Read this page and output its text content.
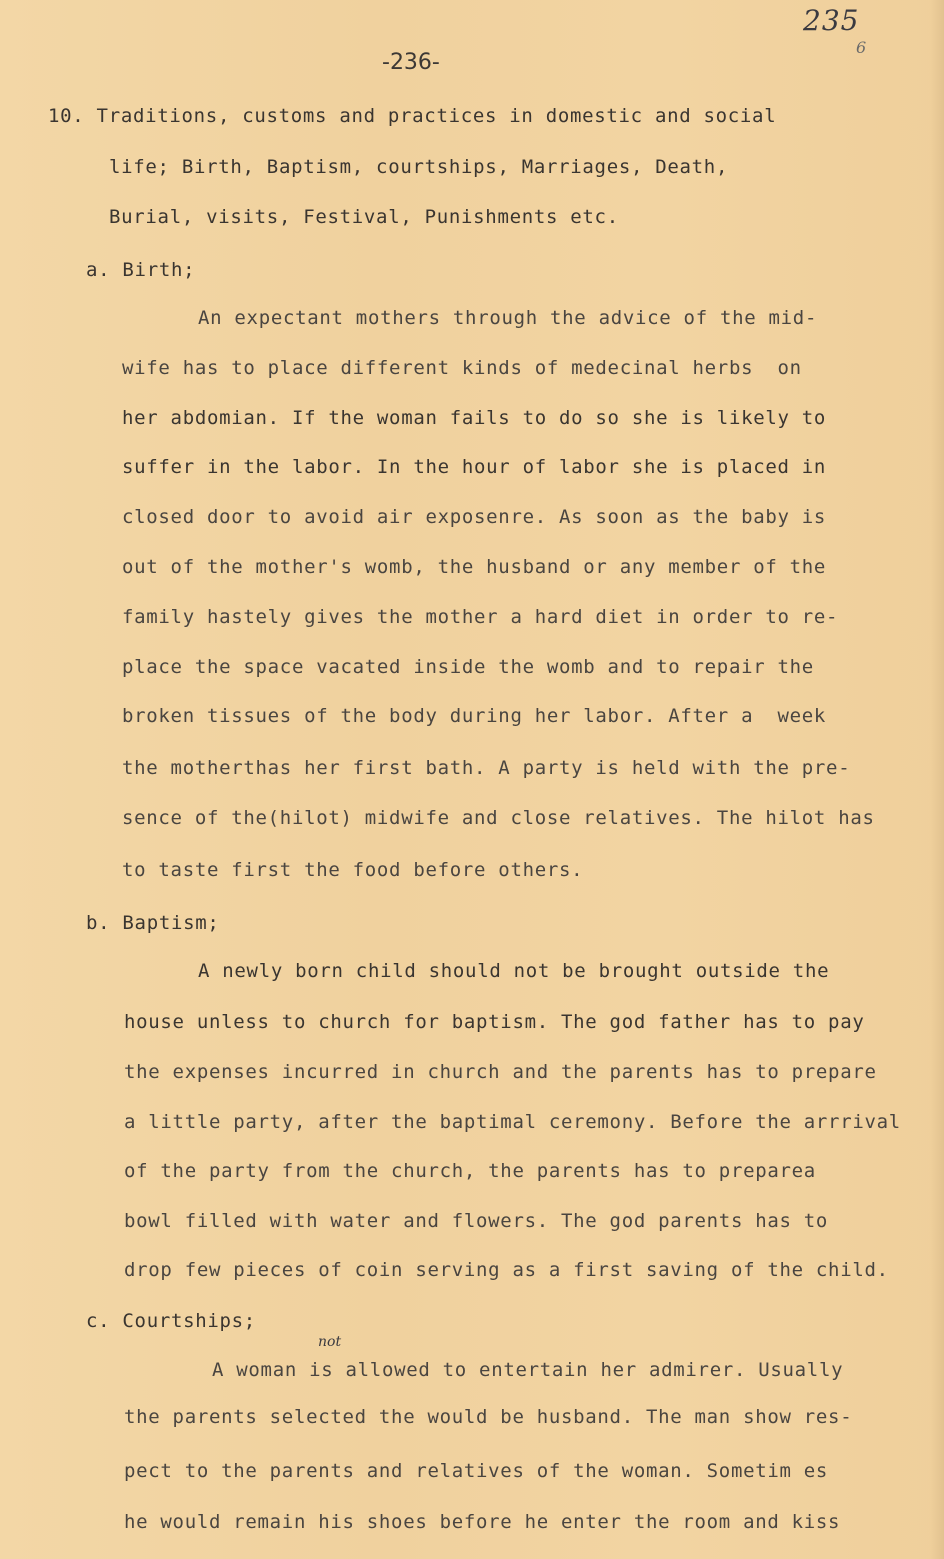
235
6
-236-
10. Traditions, customs and practices in domestic and social
life; Birth, Baptism, courtships, Marriages, Death,
Burial, visits, Festival, Punishments etc.
a. Birth;
An expectant mothers through the advice of the mid-
wife has to place different kinds of medecinal herbs  on
her abdomian. If the woman fails to do so she is likely to
suffer in the labor. In the hour of labor she is placed in
closed door to avoid air exposenre. As soon as the baby is
out of the mother's womb, the husband or any member of the
family hastely gives the mother a hard diet in order to re-
place the space vacated inside the womb and to repair the
broken tissues of the body during her labor. After a  week
the motherthas her first bath. A party is held with the pre-
sence of the(hilot) midwife and close relatives. The hilot has
to taste first the food before others.
b. Baptism;
A newly born child should not be brought outside the
house unless to church for baptism. The god father has to pay
the expenses incurred in church and the parents has to prepare
a little party, after the baptimal ceremony. Before the arrrival
of the party from the church, the parents has to preparea
bowl filled with water and flowers. The god parents has to
drop few pieces of coin serving as a first saving of the child.
c. Courtships;
not
A woman is allowed to entertain her admirer. Usually
the parents selected the would be husband. The man show res-
pect to the parents and relatives of the woman. Sometim es
he would remain his shoes before he enter the room and kiss
